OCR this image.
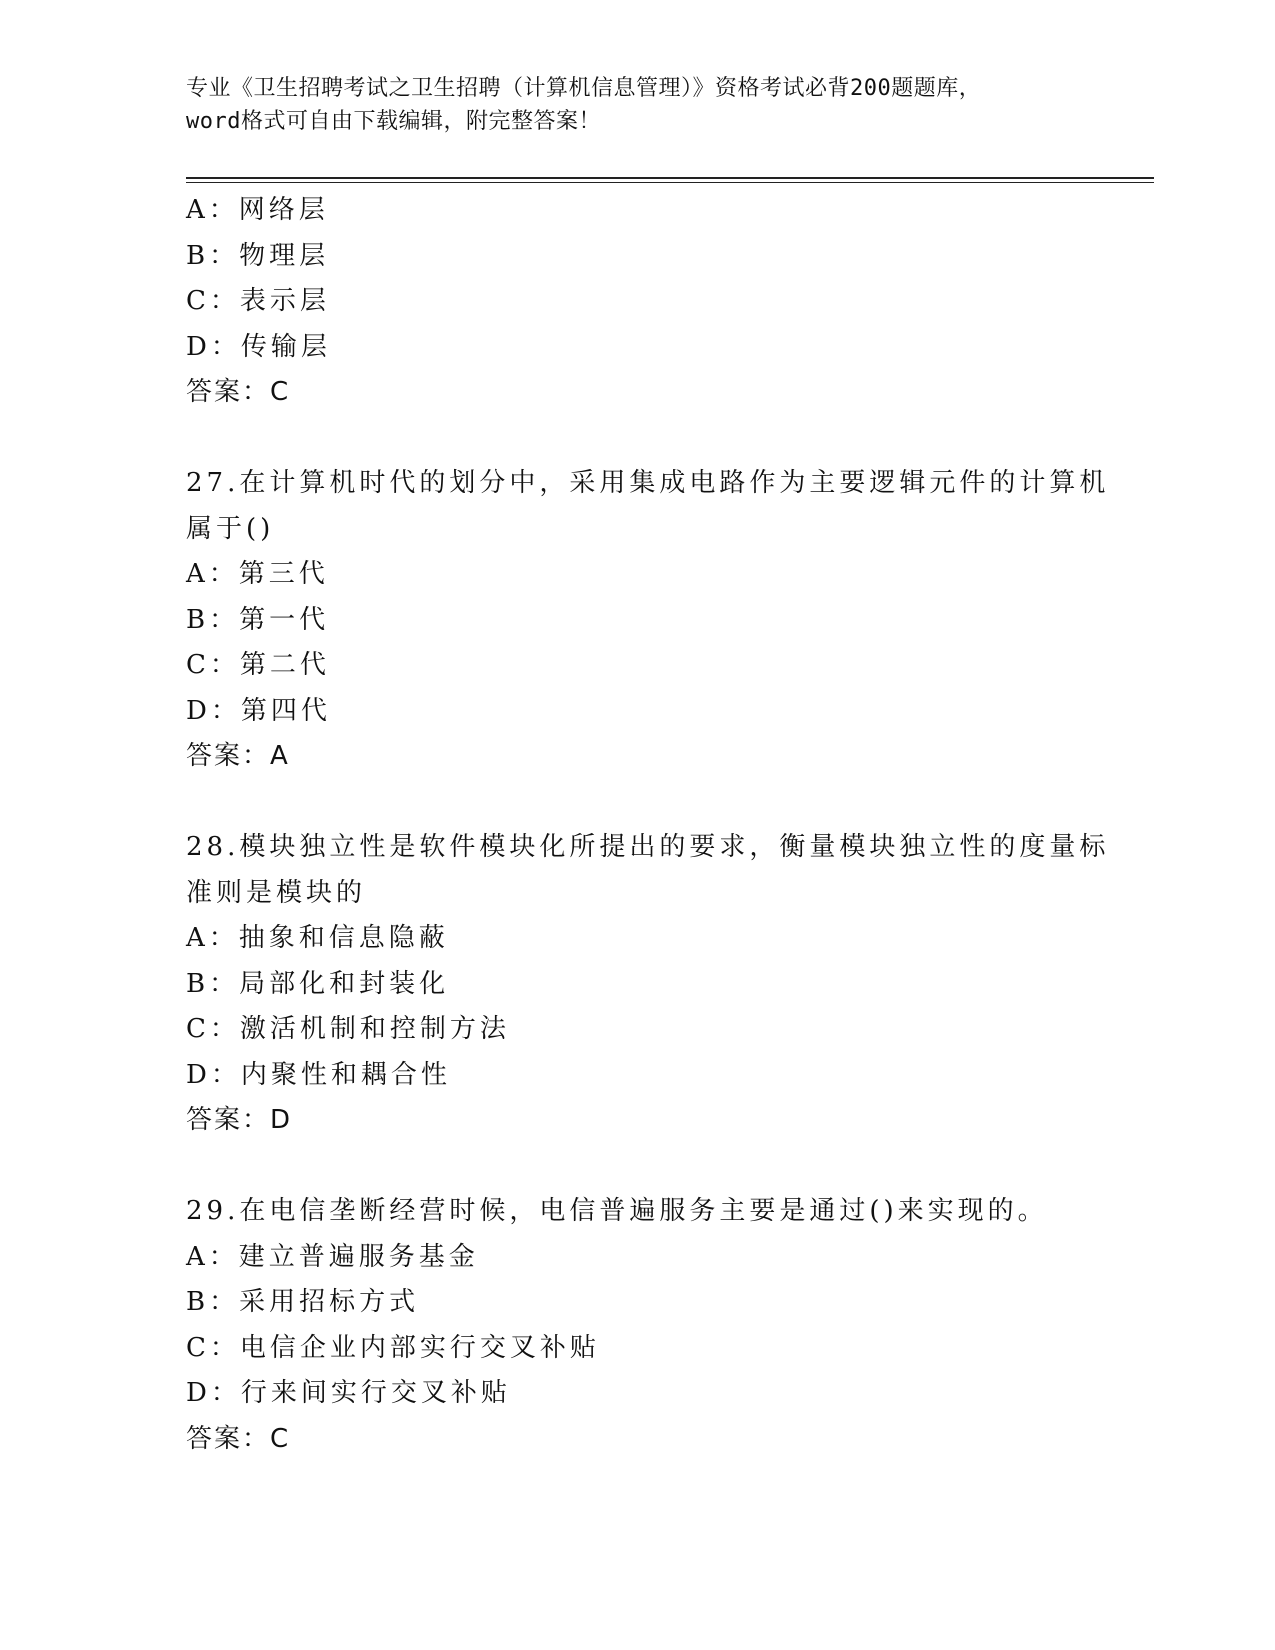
专业《卫生招聘考试之卫生招聘（计算机信息管理）》资格考试必背200题题库，
word格式可自由下载编辑，附完整答案！
A：网络层
B：物理层
C：表示层
D：传输层
答案：C
27.在计算机时代的划分中，采用集成电路作为主要逻辑元件的计算机
属于()
A：第三代
B：第一代
C：第二代
D：第四代
答案：A
28.模块独立性是软件模块化所提出的要求，衡量模块独立性的度量标
准则是模块的
A：抽象和信息隐蔽
B：局部化和封装化
C：激活机制和控制方法
D：内聚性和耦合性
答案：D
29.在电信垄断经营时候，电信普遍服务主要是通过()来实现的。
A：建立普遍服务基金
B：采用招标方式
C：电信企业内部实行交叉补贴
D：行来间实行交叉补贴
答案：C
